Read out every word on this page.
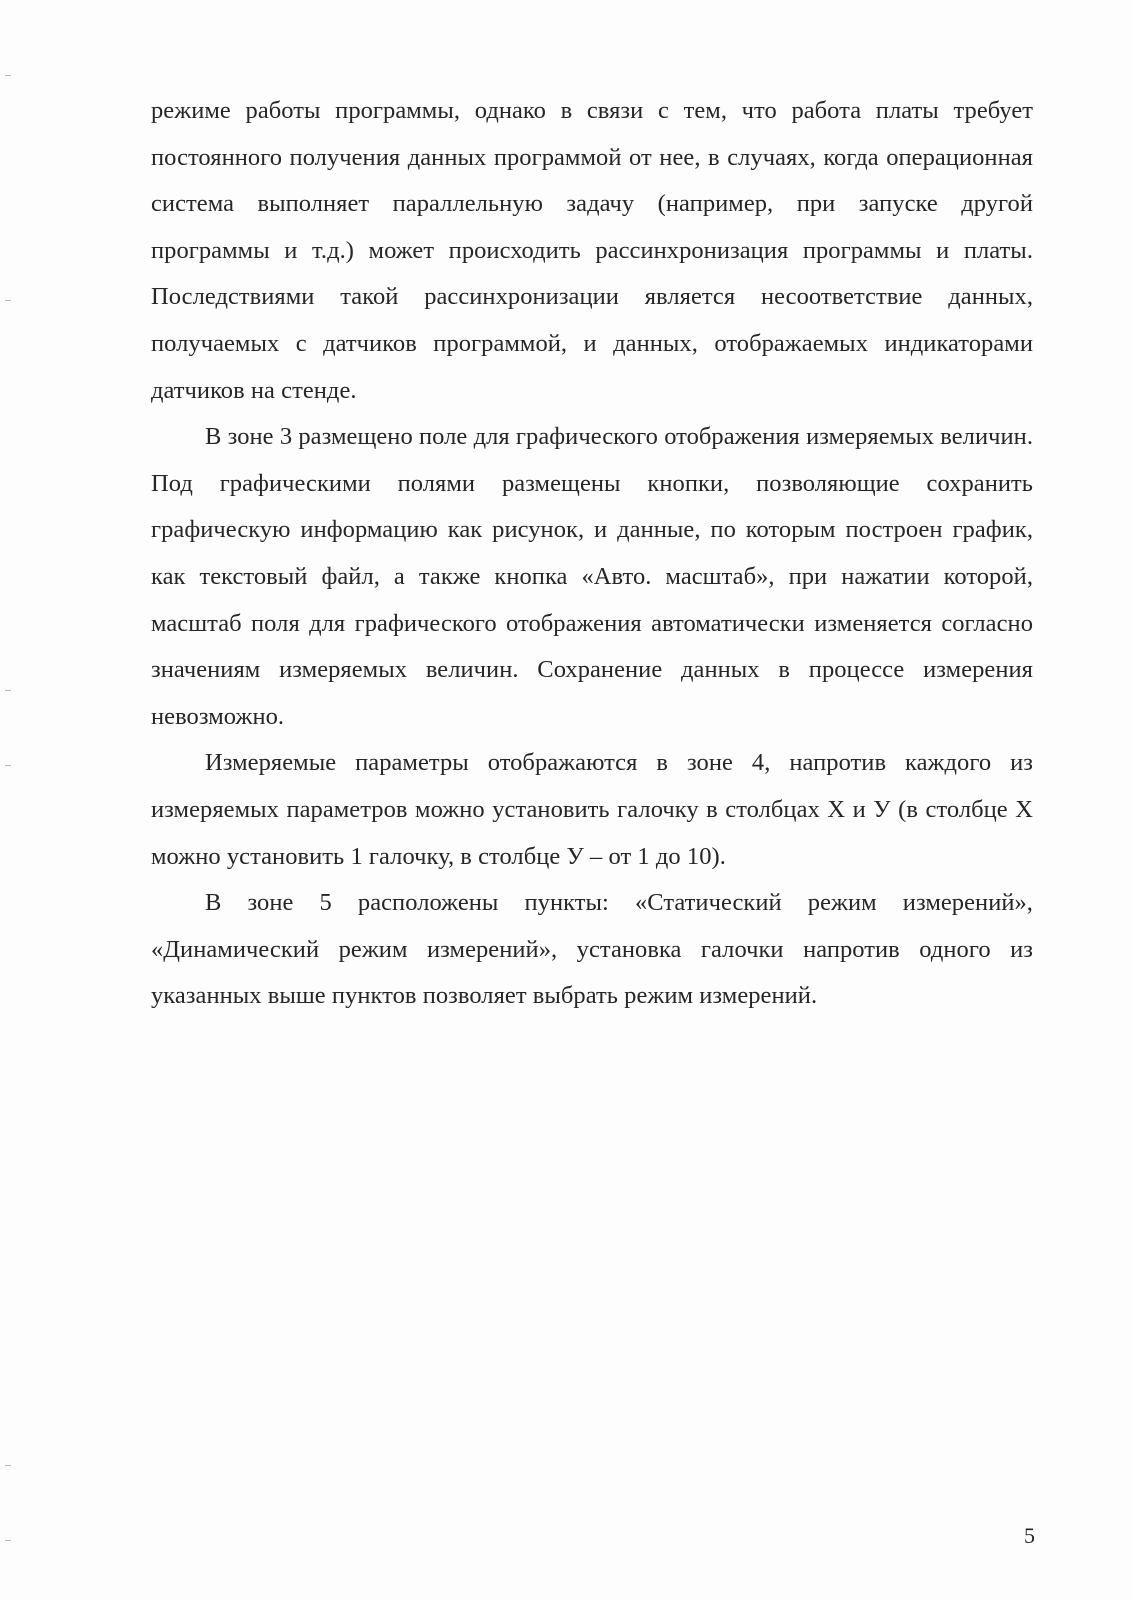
режиме работы программы, однако в связи с тем, что работа платы требует постоянного получения данных программой от нее, в случаях, когда операционная система выполняет параллельную задачу (например, при запуске другой программы и т.д.) может происходить рассинхронизация программы и платы. Последствиями такой рассинхронизации является несоответствие данных, получаемых с датчиков программой, и данных, отображаемых индикаторами датчиков на стенде.

В зоне 3 размещено поле для графического отображения измеряемых величин. Под графическими полями размещены кнопки, позволяющие сохранить графическую информацию как рисунок, и данные, по которым построен график, как текстовый файл, а также кнопка «Авто. масштаб», при нажатии которой, масштаб поля для графического отображения автоматически изменяется согласно значениям измеряемых величин. Сохранение данных в процессе измерения невозможно.

Измеряемые параметры отображаются в зоне 4, напротив каждого из измеряемых параметров можно установить галочку в столбцах Х и У (в столбце Х можно установить 1 галочку, в столбце У – от 1 до 10).

В зоне 5 расположены пункты: «Статический режим измерений», «Динамический режим измерений», установка галочки напротив одного из указанных выше пунктов позволяет выбрать режим измерений.

5
